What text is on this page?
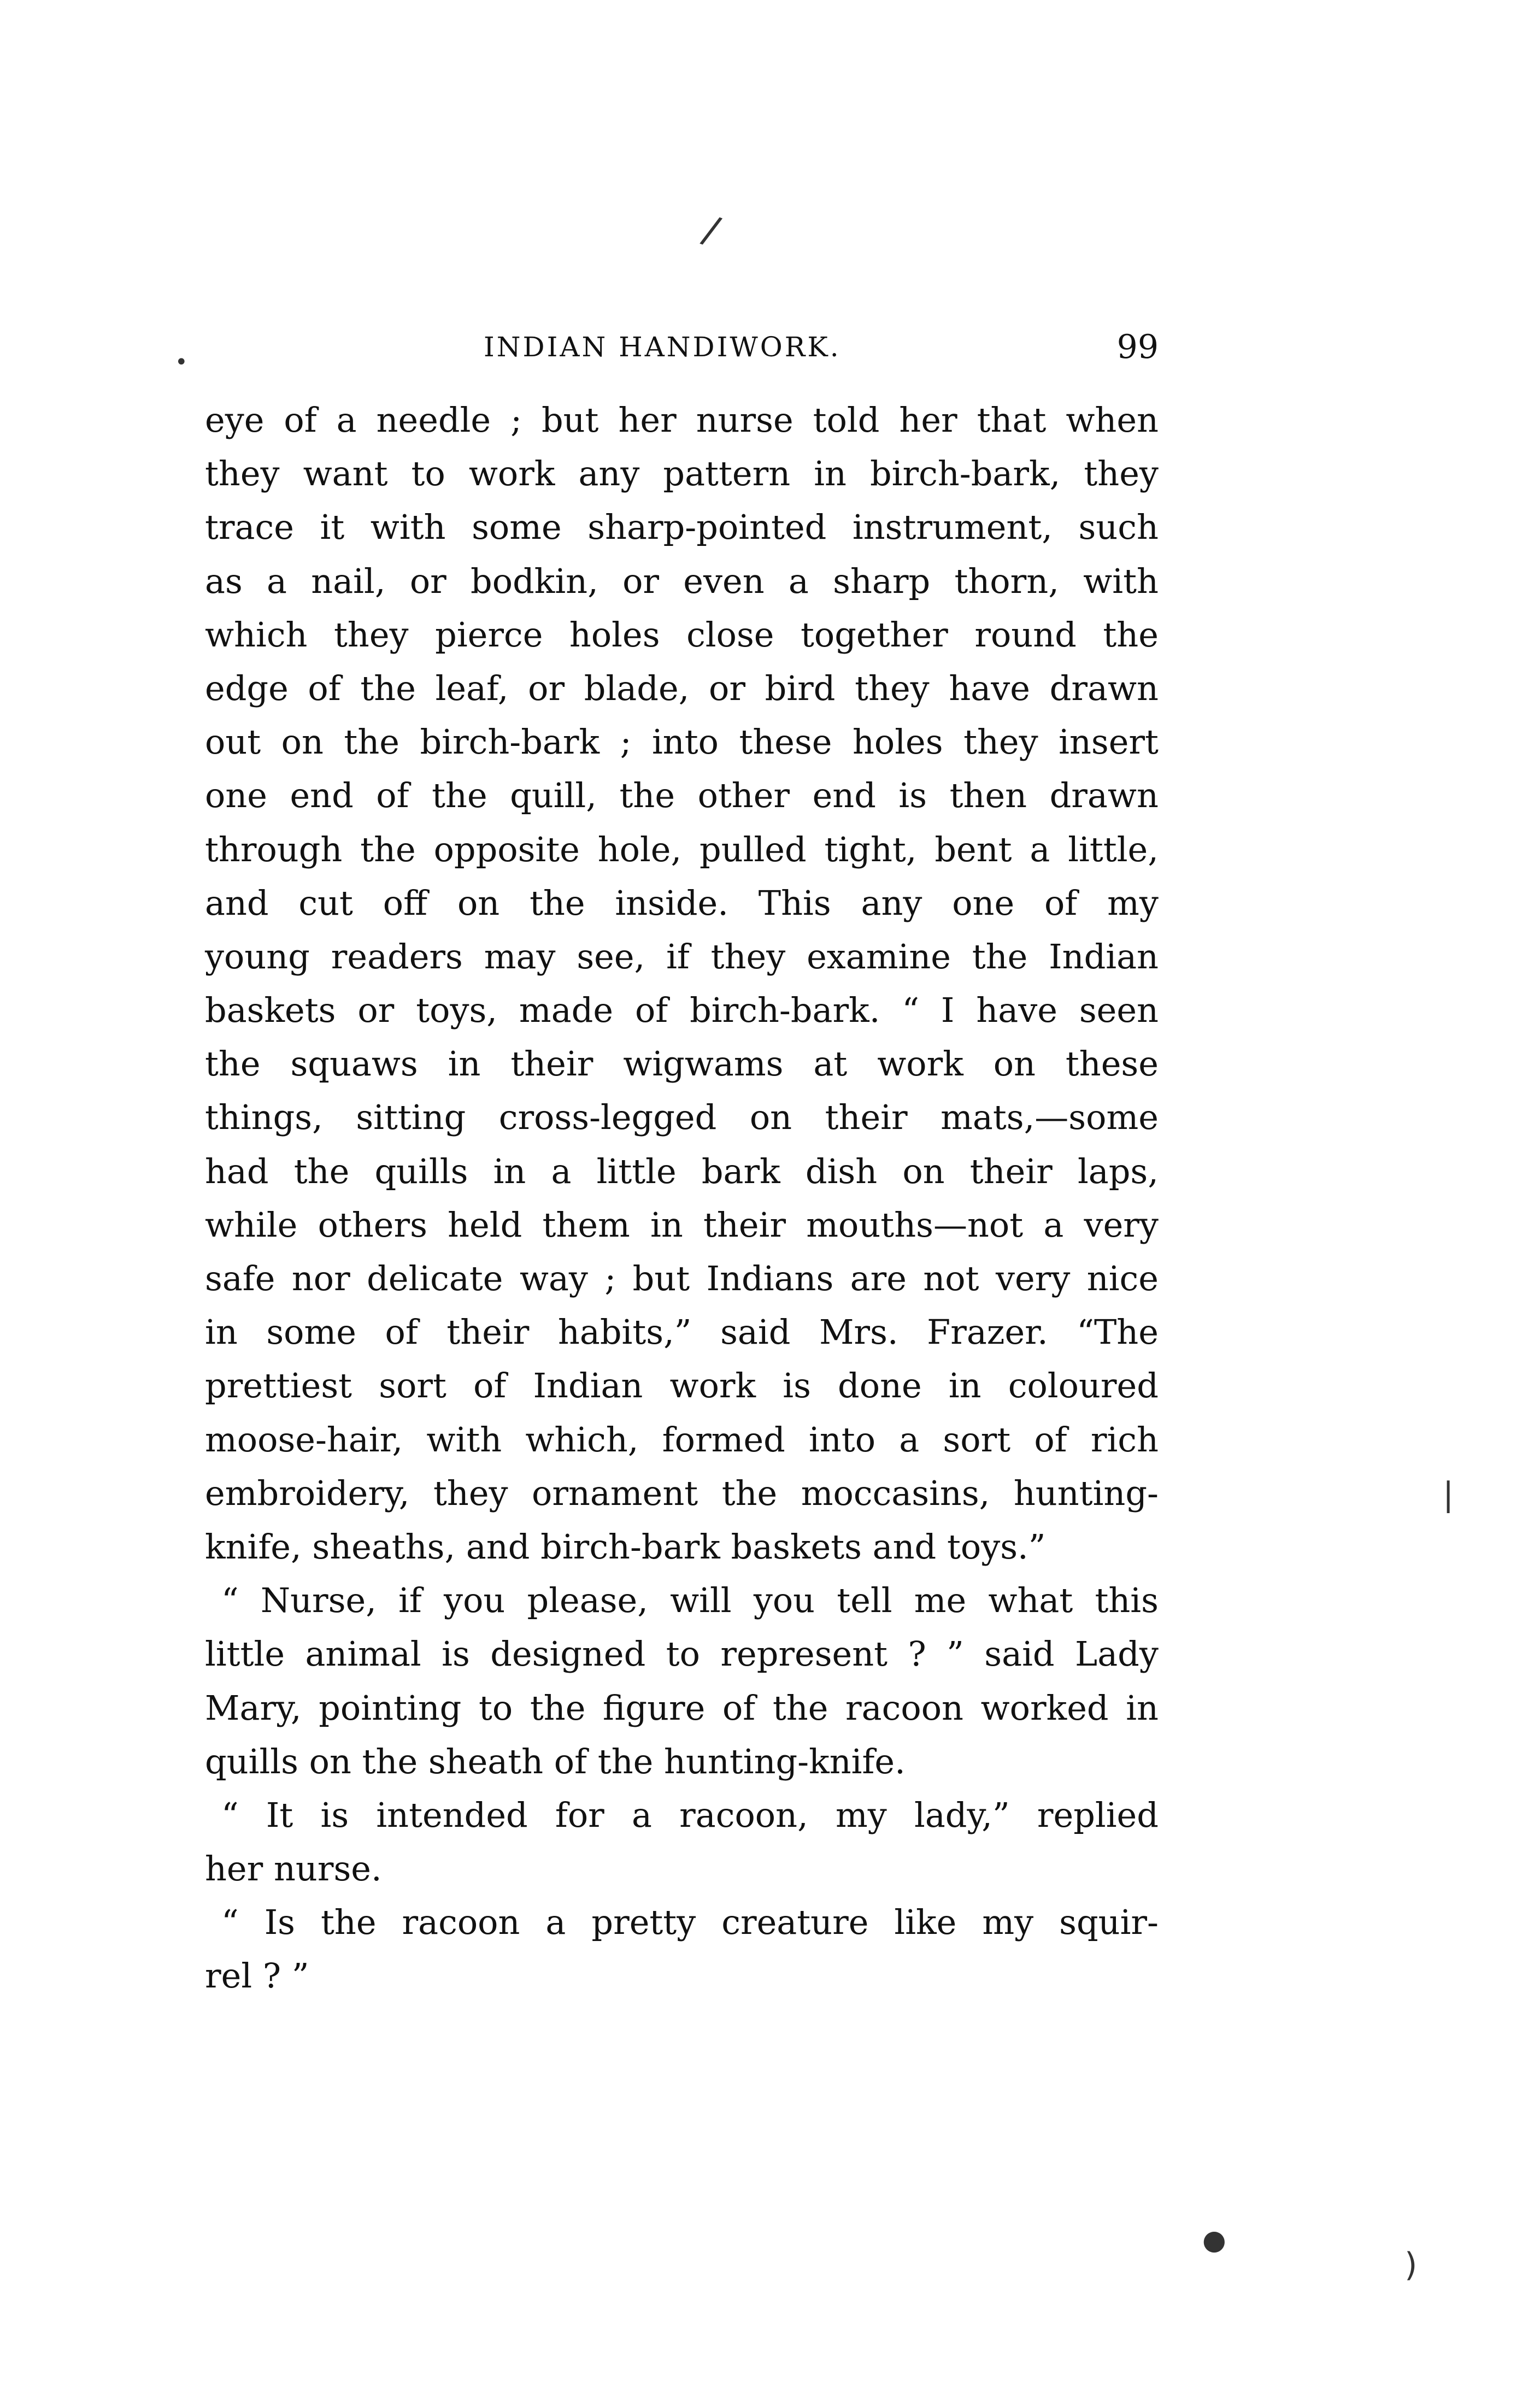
INDIAN HANDIWORK.	99
eye of a needle ; but her nurse told her that when
they want to work any pattern in birch-bark, they
trace it with some sharp-pointed instrument, such
as a nail, or bodkin, or even a sharp thorn, with
which they pierce holes close together round the
edge of the leaf, or blade, or bird they have drawn
out on the birch-bark ; into these holes they insert
one end of the quill, the other end is then drawn
through the opposite hole, pulled tight, bent a little,
and cut off on the inside. This any one of my
young readers may see, if they examine the Indian
baskets or toys, made of birch-bark. “ I have seen
the squaws in their wigwams at work on these
things, sitting cross-legged on their mats,—some
had the quills in a little bark dish on their laps,
while others held them in their mouths—not a very
safe nor delicate way ; but Indians are not very nice
in some of their habits,” said Mrs. Frazer. “The
prettiest sort of Indian work is done in coloured
moose-hair, with which, formed into a sort of rich
embroidery, they ornament the moccasins, hunting-
knife, sheaths, and birch-bark baskets and toys.”
“ Nurse, if you please, will you tell me what this
little animal is designed to represent ? ” said Lady
Mary, pointing to the figure of the racoon worked in
quills on the sheath of the hunting-knife.
“ It is intended for a racoon, my lady,” replied
her nurse.
“ Is the racoon a pretty creature like my squir-
rel ? ”
/
•
|
●
)
